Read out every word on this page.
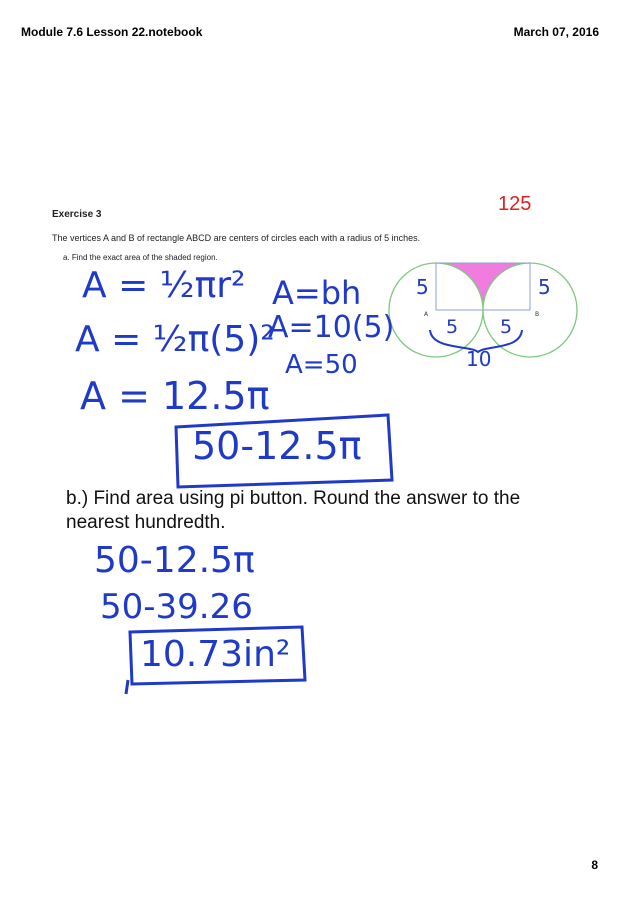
Module 7.6 Lesson 22.notebook	March 07, 2016
125
Exercise 3
The vertices A and B of rectangle ABCD are centers of circles each with a radius of 5 inches.
a. Find the exact area of the shaded region.
A	B
5	5
5 5
10
A = ½πr² A=bh
A = ½π(5)²
A=10(5)
A=50
A = 12.5π
50-12.5π
b.) Find area using pi button. Round the answer to the nearest hundredth.
50-12.5π
50-39.26
10.73in²
8
